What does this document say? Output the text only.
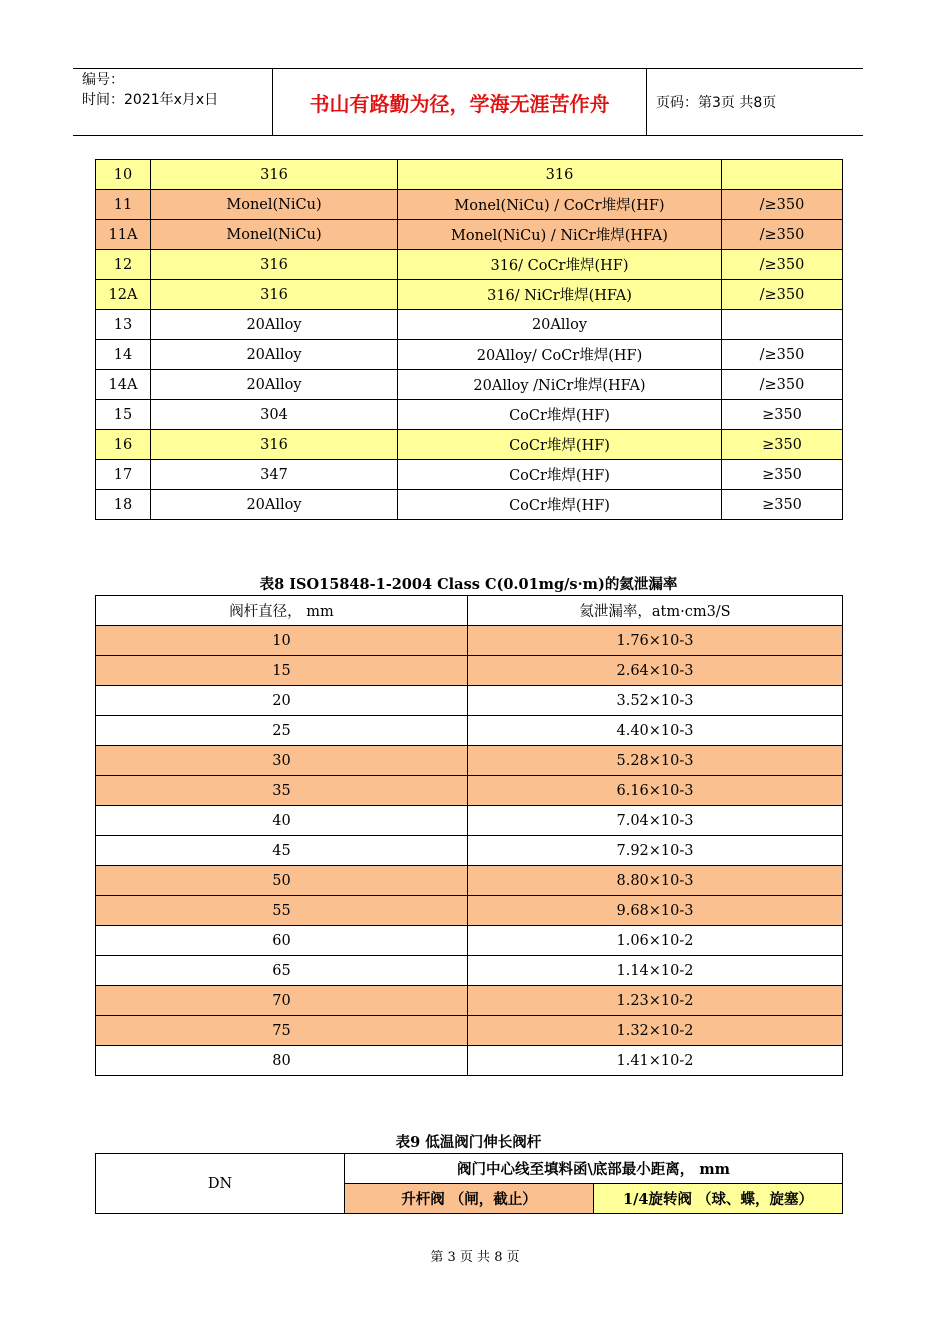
编号：
时间：2021年x月x日	书山有路勤为径，学海无涯苦作舟	页码：第3页 共8页
10	316	316	
11	Monel(NiCu)	Monel(NiCu) / CoCr堆焊(HF)	/≥350
11A	Monel(NiCu)	Monel(NiCu) / NiCr堆焊(HFA)	/≥350
12	316	316/ CoCr堆焊(HF)	/≥350
12A	316	316/ NiCr堆焊(HFA)	/≥350
13	20Alloy	20Alloy	
14	20Alloy	20Alloy/ CoCr堆焊(HF)	/≥350
14A	20Alloy	20Alloy /NiCr堆焊(HFA)	/≥350
15	304	CoCr堆焊(HF)	≥350
16	316	CoCr堆焊(HF)	≥350
17	347	CoCr堆焊(HF)	≥350
18	20Alloy	CoCr堆焊(HF)	≥350
表8 ISO15848-1-2004 Class C(0.01mg/s·m)的氦泄漏率
阀杆直径， mm	氦泄漏率，atm·cm3/S
10	1.76×10-3
15	2.64×10-3
20	3.52×10-3
25	4.40×10-3
30	5.28×10-3
35	6.16×10-3
40	7.04×10-3
45	7.92×10-3
50	8.80×10-3
55	9.68×10-3
60	1.06×10-2
65	1.14×10-2
70	1.23×10-2
75	1.32×10-2
80	1.41×10-2
表9 低温阀门伸长阀杆
DN	阀门中心线至填料函\底部最小距离， mm	
	升杆阀 （闸，截止）	1/4旋转阀 （球、蝶，旋塞）
第 3 页 共 8 页
